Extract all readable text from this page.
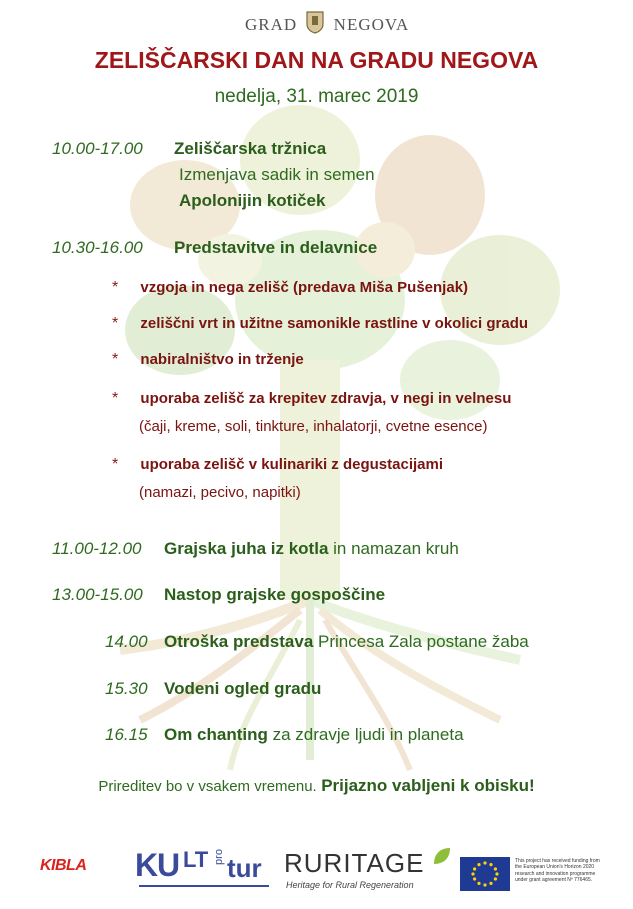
GRAD NEGOVA
ZELIŠČARSKI DAN NA GRADU NEGOVA
nedelja, 31. marec 2019
10.00-17.00 Zeliščarska tržnica
Izmenjava sadik in semen
Apolonijin kotiček
10.30-16.00 Predstavitve in delavnice
* vzgoja in nega zelišč (predava Miša Pušenjak)
* zeliščni vrt in užitne samonikle rastline v okolici gradu
* nabiralništvo in trženje
* uporaba zelišč za krepitev zdravja, v negi in velnesu
(čaji, kreme, soli, tinkture, inhalatorji, cvetne esence)
* uporaba zelišč v kulinariki z degustacijami
(namazi, pecivo, napitki)
11.00-12.00 Grajska juha iz kotla in namazan kruh
13.00-15.00 Nastop grajske gospoščine
14.00 Otroška predstava Princesa Zala postane žaba
15.30 Vodeni ogled gradu
16.15 Om chanting za zdravje ljudi in planeta
Prireditev bo v vsakem vremenu. Prijazno vabljeni k obisku!
KIBLA K
U LT pro tur RURITAGE
Heritage for Rural Regeneration
This project has received funding from the European Union's Horizon 2020 research and innovation programme under grant agreement Nº 776465.
